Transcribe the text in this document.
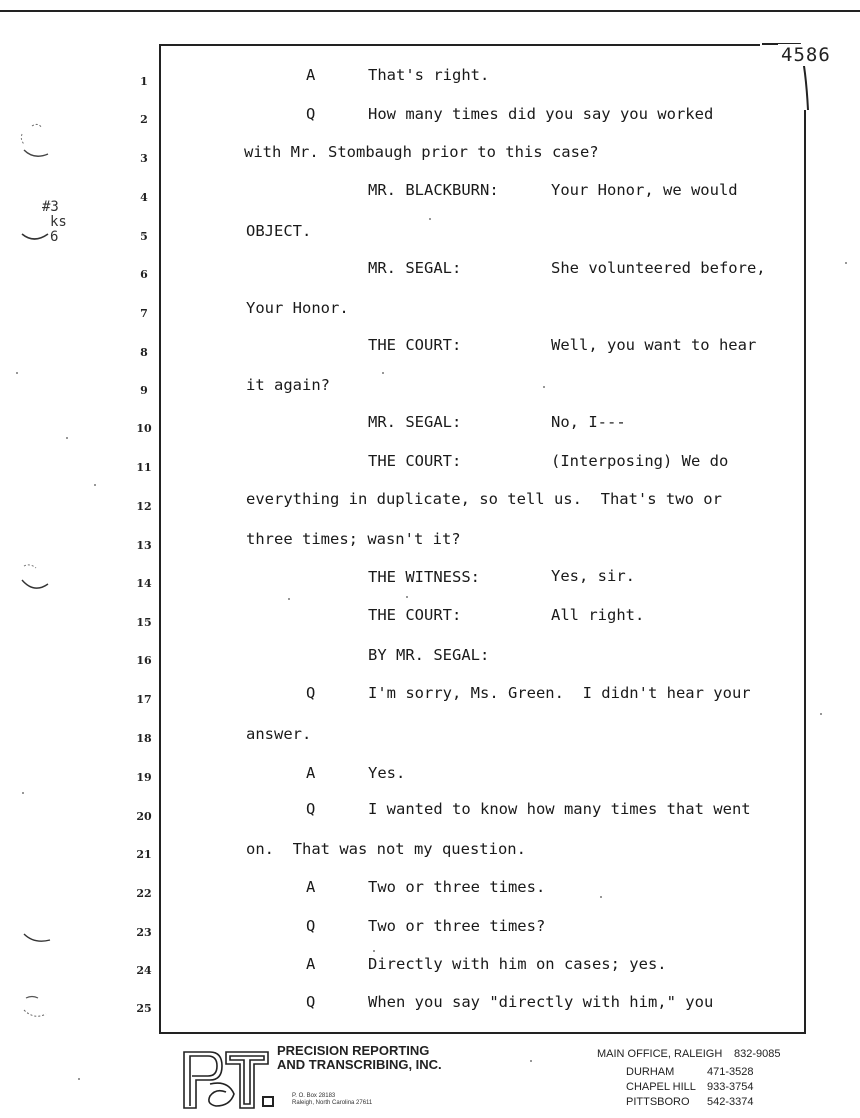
#3
ks
6
4586
1
2
3
4
5
6
7
8
9
10
11
12
13
14
15
16
17
18
19
20
21
22
23
24
25
A	That's right.
Q	How many times did you say you worked
with Mr. Stombaugh prior to this case?
MR. BLACKBURN:	Your Honor, we would
OBJECT.
MR. SEGAL:	She volunteered before,
Your Honor.
THE COURT:	Well, you want to hear
it again?
MR. SEGAL:	No, I---
THE COURT:	(Interposing) We do
everything in duplicate, so tell us.  That's two or
three times; wasn't it?
THE WITNESS:	Yes, sir.
THE COURT:	All right.
BY MR. SEGAL:
Q	I'm sorry, Ms. Green.  I didn't hear your
answer.
A	Yes.
Q	I wanted to know how many times that went
on.  That was not my question.
A	Two or three times.
Q	Two or three times?
A	Directly with him on cases; yes.
Q	When you say "directly with him," you
PRECISION REPORTING
AND TRANSCRIBING, INC.
P. O. Box 28183
Raleigh, North Carolina 27611
MAIN OFFICE, RALEIGH 832-9085
DURHAM	471-3528
CHAPEL HILL 933-3754
PITTSBORO 542-3374
